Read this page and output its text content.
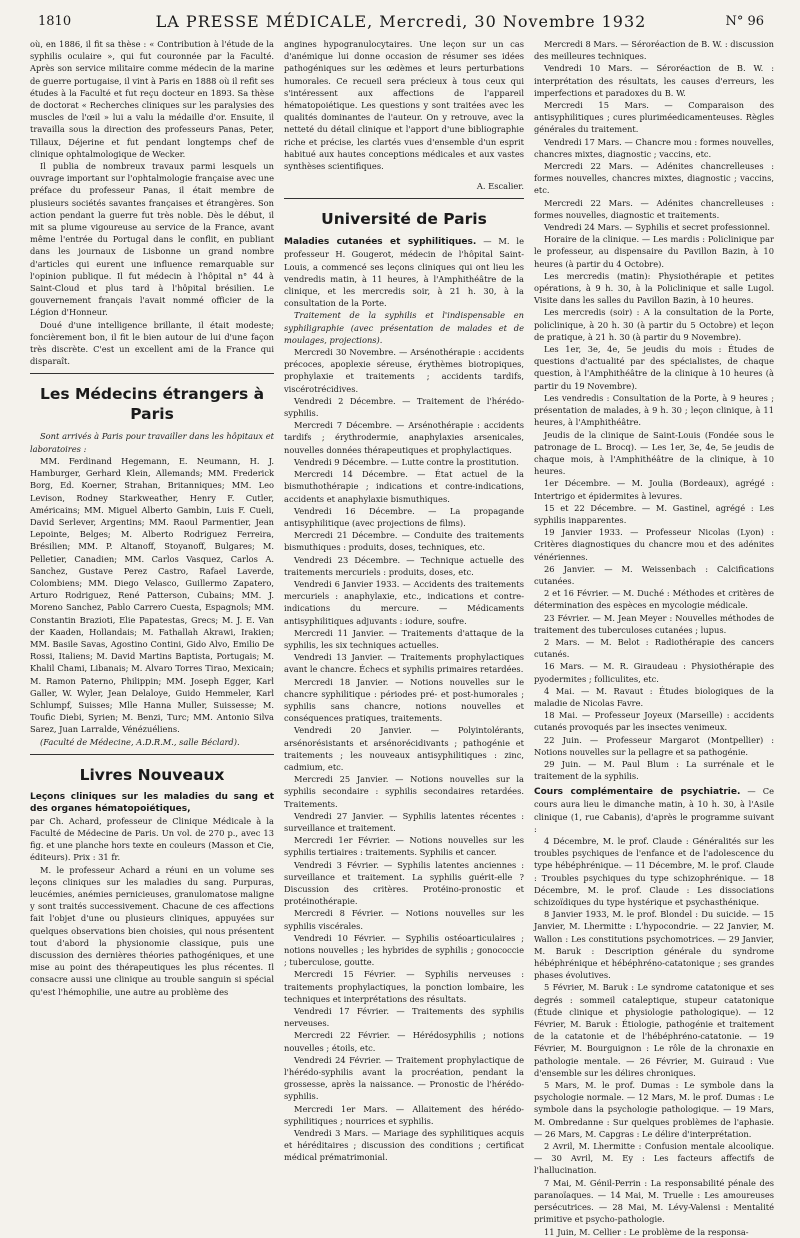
1810	LA PRESSE MÉDICALE, Mercredi, 30 Novembre 1932	N° 96

où, en 1886, il fit sa thèse : « Contribution à l'étude de la syphilis oculaire », qui fut couronnée par la Faculté. Après son service militaire comme médecin de la marine de guerre portugaise, il vint à Paris en 1888 où il refit ses études à la Faculté et fut reçu docteur en 1893. Sa thèse de doctorat « Recherches cliniques sur les paralysies des muscles de l'œil » lui a valu la médaille d'or. Ensuite, il travailla sous la direction des professeurs Panas, Peter, Tillaux, Déjerine et fut pendant longtemps chef de clinique ophtalmologique de Wecker.

Il publia de nombreux travaux parmi lesquels un ouvrage important sur l'ophtalmologie française avec une préface du professeur Panas, il était membre de plusieurs sociétés savantes françaises et étrangères. Son action pendant la guerre fut très noble. Dès le début, il mit sa plume vigoureuse au service de la France, avant même l'entrée du Portugal dans le conflit, en publiant dans les journaux de Lisbonne un grand nombre d'articles qui eurent une influence remarquable sur l'opinion publique. Il fut médecin à l'hôpital n° 44 à Saint-Cloud et plus tard à l'hôpital brésilien. Le gouvernement français l'avait nommé officier de la Légion d'Honneur.

Doué d'une intelligence brillante, il était modeste; foncièrement bon, il fit le bien autour de lui d'une façon très discrète. C'est un excellent ami de la France qui disparaît.

Les Médecins étrangers à Paris

Sont arrivés à Paris pour travailler dans les hôpitaux et laboratoires :

MM. Ferdinand Hegemann, E. Neumann, H. J. Hamburger, Gerhard Klein, Allemands; MM. Frederick Borg, Ed. Koerner, Strahan, Britanniques; MM. Leo Levison, Rodney Starkweather, Henry F. Cutler, Américains; MM. Miguel Alberto Gambin, Luis F. Cueli, David Serlever, Argentins; MM. Raoul Parmentier, Jean Lepointe, Belges; M. Alberto Rodriguez Ferreira, Brésilien; MM. P. Altanoff, Stoyanoff, Bulgares; M. Pelletier, Canadien; MM. Carlos Vasquez, Carlos A. Sanchez, Gustave Perez Castro, Rafael Laverde, Colombiens; MM. Diego Velasco, Guillermo Zapatero, Arturo Rodriguez, René Patterson, Cubains; MM. J. Moreno Sanchez, Pablo Carrero Cuesta, Espagnols; MM. Constantin Brazioti, Elie Papatestas, Grecs; M. J. E. Van der Kaaden, Hollandais; M. Fathallah Akrawi, Irakien; MM. Basile Savas, Agostino Contini, Gido Alvo, Emilio De Rossi, Italiens; M. David Martins Baptista, Portugais; M. Khalil Chami, Libanais; M. Alvaro Torres Tirao, Mexicain; M. Ramon Paterno, Philippin; MM. Joseph Egger, Karl Galler, W. Wyler, Jean Delaloye, Guido Hemmeler, Karl Schlumpf, Suisses; Mlle Hanna Muller, Suissesse; M. Toufic Diebi, Syrien; M. Benzi, Turc; MM. Antonio Silva Sarez, Juan Larralde, Vénézuéliens.

(Faculté de Médecine, A.D.R.M., salle Béclard).

Livres Nouveaux
Leçons cliniques sur les maladies du sang et des organes hématopoiétiques,

par Ch. Achard, professeur de Clinique Médicale à la Faculté de Médecine de Paris. Un vol. de 270 p., avec 13 fig. et une planche hors texte en couleurs (Masson et Cie, éditeurs). Prix : 31 fr.

M. le professeur Achard a réuni en un volume ses leçons cliniques sur les maladies du sang. Purpuras, leucémies, anémies pernicieuses, granulomatose maligne y sont traités successivement. Chacune de ces affections fait l'objet d'une ou plusieurs cliniques, appuyées sur quelques observations bien choisies, qui nous présentent tout d'abord la physionomie classique, puis une discussion des dernières théories pathogéniques, et une mise au point des thérapeutiques les plus récentes. Il consacre aussi une clinique au trouble sanguin si spécial qu'est l'hémophilie, une autre au problème des

angines hypogranulocytaires. Une leçon sur un cas d'anémique lui donne occasion de résumer ses idées pathogéniques sur les œdèmes et leurs perturbations humorales. Ce recueil sera précieux à tous ceux qui s'intéressent aux affections de l'appareil hématopoiétique. Les questions y sont traitées avec les qualités dominantes de l'auteur. On y retrouve, avec la netteté du détail clinique et l'apport d'une bibliographie riche et précise, les clartés vues d'ensemble d'un esprit habitué aux hautes conceptions médicales et aux vastes synthèses scientifiques.

A. Escalier.
Université de Paris

Maladies cutanées et syphilitiques. — M. le professeur H. Gougerot, médecin de l'hôpital Saint-Louis, a commencé ses leçons cliniques qui ont lieu les vendredis matin, à 11 heures, à l'Amphithéâtre de la clinique, et les mercredis soir, à 21 h. 30, à la consultation de la Porte.

Traitement de la syphilis et l'indispensable en syphiligraphie (avec présentation de malades et de moulages, projections).

Mercredi 30 Novembre. — Arsénothérapie : accidents précoces, apoplexie séreuse, érythèmes biotropiques, prophylaxie et traitements ; accidents tardifs, viscérotrécidives.

Vendredi 2 Décembre. — Traitement de l'hérédo-syphilis.

Mercredi 7 Décembre. — Arsénothérapie : accidents tardifs ; érythrodermie, anaphylaxies arsenicales, nouvelles données thérapeutiques et prophylactiques.

Vendredi 9 Décembre. — Lutte contre la prostitution.

Mercredi 14 Décembre. — État actuel de la bismuthothérapie ; indications et contre-indications, accidents et anaphylaxie bismuthiques.

Vendredi 16 Décembre. — La propagande antisyphilitique (avec projections de films).

Mercredi 21 Décembre. — Conduite des traitements bismuthiques : produits, doses, techniques, etc.

Vendredi 23 Décembre. — Technique actuelle des traitements mercuriels : produits, doses, etc.

Vendredi 6 Janvier 1933. — Accidents des traitements mercuriels : anaphylaxie, etc., indications et contre-indications du mercure. — Médicaments antisyphilitiques adjuvants : iodure, soufre.

Mercredi 11 Janvier. — Traitements d'attaque de la syphilis, les six techniques actuelles.

Vendredi 13 Janvier. — Traitements prophylactiques avant le chancre. Échecs et syphilis primaires retardées.

Mercredi 18 Janvier. — Notions nouvelles sur le chancre syphilitique : périodes pré- et post-humorales ; syphilis sans chancre, notions nouvelles et conséquences pratiques, traitements.

Vendredi 20 Janvier. — Polyintolérants, arsénorésistants et arsénorécidivants ; pathogénie et traitements ; les nouveaux antisyphilitiques : zinc, cadmium, etc.

Mercredi 25 Janvier. — Notions nouvelles sur la syphilis secondaire : syphilis secondaires retardées. Traitements.

Vendredi 27 Janvier. — Syphilis latentes récentes : surveillance et traitement.

Mercredi 1er Février. — Notions nouvelles sur les syphilis tertiaires : traitements. Syphilis et cancer.

Vendredi 3 Février. — Syphilis latentes anciennes : surveillance et traitement. La syphilis guérit-elle ? Discussion des critères. Protéino-pronostic et protéinothérapie.

Mercredi 8 Février. — Notions nouvelles sur les syphilis viscérales.

Vendredi 10 Février. — Syphilis ostéoarticulaires ; notions nouvelles ; les hybrides de syphilis ; gonococcie ; tuberculose, goutte.

Mercredi 15 Février. — Syphilis nerveuses : traitements prophylactiques, la ponction lombaire, les techniques et interprétations des résultats.

Vendredi 17 Février. — Traitements des syphilis nerveuses.

Mercredi 22 Février. — Hérédosyphilis ; notions nouvelles ; étoils, etc.

Vendredi 24 Février. — Traitement prophylactique de l'hérédo-syphilis avant la procréation, pendant la grossesse, après la naissance. — Pronostic de l'hérédo-syphilis.

Mercredi 1er Mars. — Allaitement des hérédo-syphilitiques ; nourrices et syphilis.

Vendredi 3 Mars. — Mariage des syphilitiques acquis et héréditaires ; discussion des conditions ; certificat médical prématrimonial.

Mercredi 8 Mars. — Séroréaction de B. W. : discussion des meilleures techniques.

Vendredi 10 Mars. — Séroréaction de B. W. : interprétation des résultats, les causes d'erreurs, les imperfections et paradoxes du B. W.

Mercredi 15 Mars. — Comparaison des antisyphilitiques ; cures pluriméedicamenteuses. Règles générales du traitement.

Vendredi 17 Mars. — Chancre mou : formes nouvelles, chancres mixtes, diagnostic ; vaccins, etc.

Mercredi 22 Mars. — Adénites chancrelleuses : formes nouvelles, chancres mixtes, diagnostic ; vaccins, etc.

Mercredi 22 Mars. — Adénites chancrelleuses : formes nouvelles, diagnostic et traitements.

Vendredi 24 Mars. — Syphilis et secret professionnel.

Horaire de la clinique. — Les mardis : Policlinique par le professeur, au dispensaire du Pavillon Bazin, à 10 heures (à partir du 4 Octobre).

Les mercredis (matin): Physiothérapie et petites opérations, à 9 h. 30, à la Policlinique et salle Lugol. Visite dans les salles du Pavillon Bazin, à 10 heures.

Les mercredis (soir) : A la consultation de la Porte, policlinique, à 20 h. 30 (à partir du 5 Octobre) et leçon de pratique, à 21 h. 30 (à partir du 9 Novembre).

Les 1er, 3e, 4e, 5e jeudis du mois : Études de questions d'actualité par des spécialistes, de chaque question, à l'Amphithéâtre de la clinique à 10 heures (à partir du 19 Novembre).

Les vendredis : Consultation de la Porte, à 9 heures ; présentation de malades, à 9 h. 30 ; leçon clinique, à 11 heures, à l'Amphithéâtre.

Jeudis de la clinique de Saint-Louis (Fondée sous le patronage de L. Brocq). — Les 1er, 3e, 4e, 5e jeudis de chaque mois, à l'Amphithéâtre de la clinique, à 10 heures.

1er Décembre. — M. Joulia (Bordeaux), agrégé : Intertrigo et épidermites à levures.

15 et 22 Décembre. — M. Gastinel, agrégé : Les syphilis inapparentes.

19 Janvier 1933. — Professeur Nicolas (Lyon) : Critères diagnostiques du chancre mou et des adénites vénériennes.

26 Janvier. — M. Weissenbach : Calcifications cutanées.

2 et 16 Février. — M. Duché : Méthodes et critères de détermination des espèces en mycologie médicale.

23 Février. — M. Jean Meyer : Nouvelles méthodes de traitement des tuberculoses cutanées ; lupus.

2 Mars. — M. Belot : Radiothérapie des cancers cutanés.

16 Mars. — M. R. Giraudeau : Physiothérapie des pyodermites ; folliculites, etc.

4 Mai. — M. Ravaut : Études biologiques de la maladie de Nicolas Favre.

18 Mai. — Professeur Joyeux (Marseille) : accidents cutanés provoqués par les insectes venimeux.

22 Juin. — Professeur Margarot (Montpellier) : Notions nouvelles sur la pellagre et sa pathogénie.

29 Juin. — M. Paul Blum : La surrénale et le traitement de la syphilis.

Cours complémentaire de psychiatrie. — Ce cours aura lieu le dimanche matin, à 10 h. 30, à l'Asile clinique (1, rue Cabanis), d'après le programme suivant :

4 Décembre, M. le prof. Claude : Généralités sur les troubles psychiques de l'enfance et de l'adolescence du type hébéphrénique. — 11 Décembre, M. le prof. Claude : Troubles psychiques du type schizophrénique. — 18 Décembre, M. le prof. Claude : Les dissociations schizoïdiques du type hystérique et psychasthénique.

8 Janvier 1933, M. le prof. Blondel : Du suicide. — 15 Janvier, M. Lhermitte : L'hypocondrie. — 22 Janvier, M. Wallon : Les constitutions psychomotrices. — 29 Janvier, M. Baruk : Description générale du syndrome hébéphrénique et hébéphréno-catatonique ; ses grandes phases évolutives.

5 Février, M. Baruk : Le syndrome catatonique et ses degrés : sommeil cataleptique, stupeur catatonique (Étude clinique et physiologie pathologique). — 12 Février, M. Baruk : Étiologie, pathogénie et traitement de la catatonie et de l'hébéphréno-catatonie. — 19 Février, M. Bourguignon : Le rôle de la chronaxie en pathologie mentale. — 26 Février, M. Guiraud : Vue d'ensemble sur les délires chroniques.

5 Mars, M. le prof. Dumas : Le symbole dans la psychologie normale. — 12 Mars, M. le prof. Dumas : Le symbole dans la psychologie pathologique. — 19 Mars, M. Ombredanne : Sur quelques problèmes de l'aphasie. — 26 Mars, M. Capgras : Le délire d'interprétation.

2 Avril, M. Lhermitte : Confusion mentale alcoolique. — 30 Avril, M. Ey : Les facteurs affectifs de l'hallucination.

7 Mai, M. Génil-Perrin : La responsabilité pénale des paranoïaques. — 14 Mai, M. Truelle : Les amoureuses persécutrices. — 28 Mai, M. Lévy-Valensi : Mentalité primitive et psycho-pathologie.

11 Juin, M. Cellier : Le problème de la responsa-
